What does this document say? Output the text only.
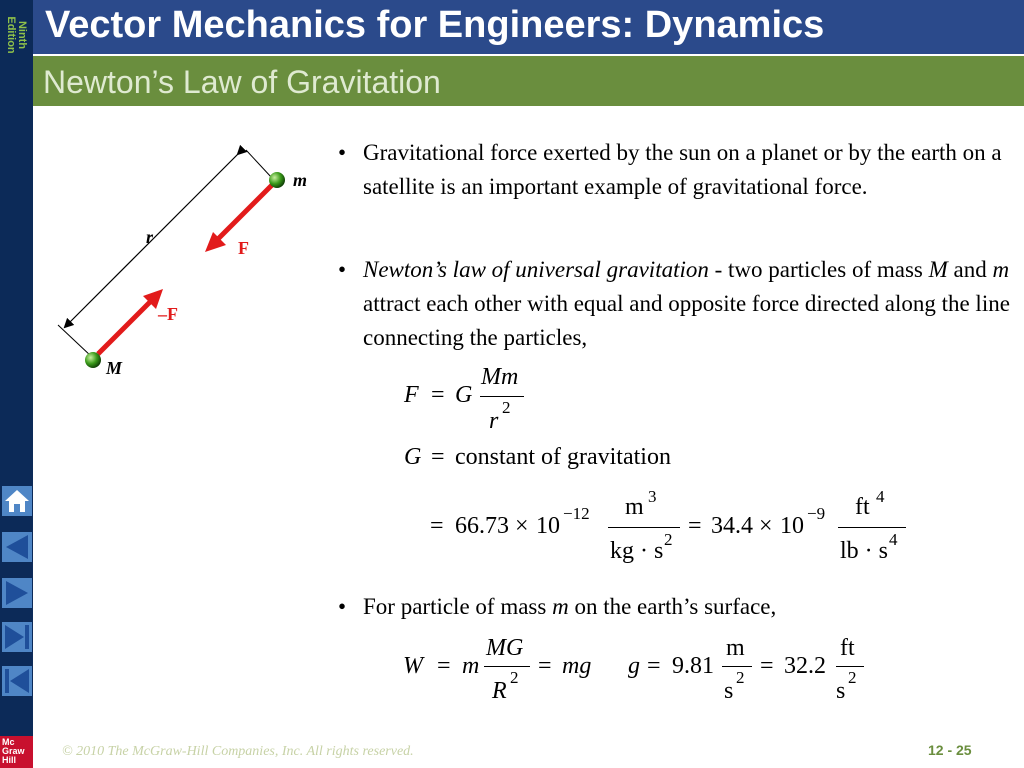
Ninth
Edition
Mc
Graw
Hill
Vector Mechanics for Engineers: Dynamics
Newton’s Law of Gravitation
r
F
–F
m
M
• Gravitational force exerted by the sun on a planet or by the earth on a satellite is an important example of gravitational force.
• Newton’s law of universal gravitation - two particles of mass M and m attract each other with equal and opposite force directed along the line connecting the particles,
F = G
Mm
r
2
G = constant of gravitation
= 66.73 × 10 −12 m 3
kg · s 2
= 34.4 × 10 −9 ft 4
lb · s 4
• For particle of mass m on the earth’s surface,
W = m
MG
R
2 = mg g = 9.81
m
s
2 = 32.2
ft
s
2
© 2010 The McGraw-Hill Companies, Inc. All rights reserved.	12 - 25
